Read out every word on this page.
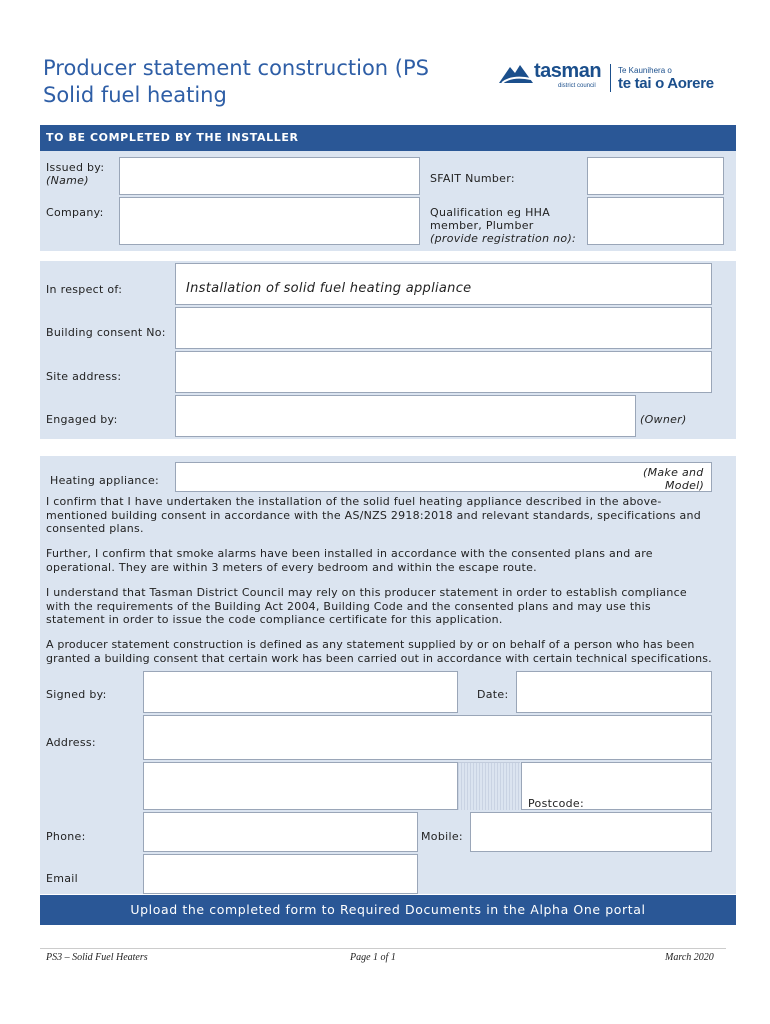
Producer statement construction (PS
Solid fuel heating
tasman
district council
Te Kaunihera o
te tai o Aorere
TO BE COMPLETED BY THE INSTALLER
Issued by:
(Name)	SFAIT Number:
Company:	Qualification eg HHA
member, Plumber
(provide registration no):
In respect of:	Installation of solid fuel heating appliance
Building consent No:
Site address:
Engaged by:	(Owner)
Heating appliance:
(Make and
Model)
I confirm that I have undertaken the installation of the solid fuel heating appliance described in the above-
mentioned building consent in accordance with the AS/NZS 2918:2018 and relevant standards, specifications and
consented plans.
Further, I confirm that smoke alarms have been installed in accordance with the consented plans and are
operational. They are within 3 meters of every bedroom and within the escape route.
I understand that Tasman District Council may rely on this producer statement in order to establish compliance
with the requirements of the Building Act 2004, Building Code and the consented plans and may use this
statement in order to issue the code compliance certificate for this application.
A producer statement construction is defined as any statement supplied by or on behalf of a person who has been
granted a building consent that certain work has been carried out in accordance with certain technical specifications.
Signed by:	Date:
Address:
Postcode:
Phone:	Mobile:
Email
Upload the completed form to Required Documents in the Alpha One portal
PS3 – Solid Fuel Heaters	Page 1 of 1	March 2020
